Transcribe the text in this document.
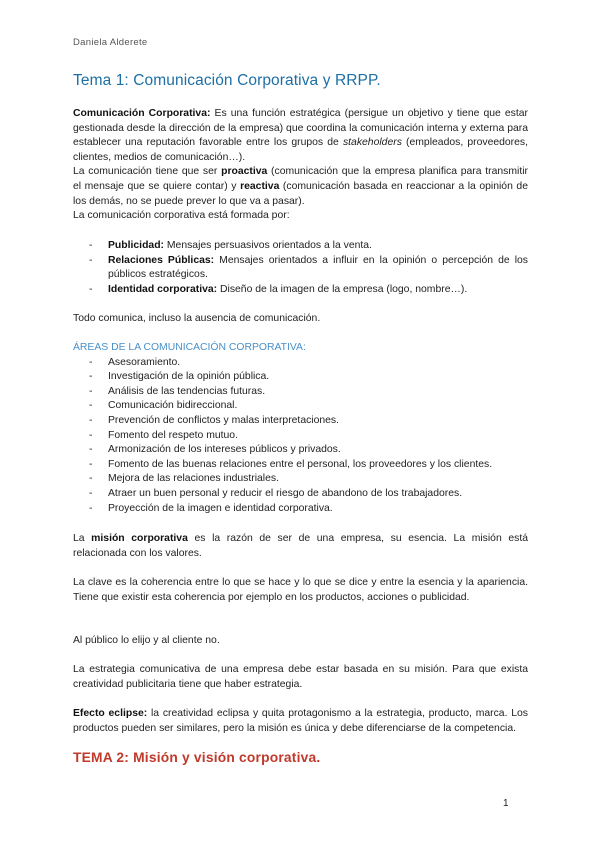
Daniela Alderete
Tema 1: Comunicación Corporativa y RRPP.

Comunicación Corporativa: Es una función estratégica (persigue un objetivo y tiene que estar gestionada desde la dirección de la empresa) que coordina la comunicación interna y externa para establecer una reputación favorable entre los grupos de stakeholders (empleados, proveedores, clientes, medios de comunicación…).

La comunicación tiene que ser proactiva (comunicación que la empresa planifica para transmitir el mensaje que se quiere contar) y reactiva (comunicación basada en reaccionar a la opinión de los demás, no se puede prever lo que va a pasar).

La comunicación corporativa está formada por:

- Publicidad: Mensajes persuasivos orientados a la venta.
- Relaciones Públicas: Mensajes orientados a influir en la opinión o percepción de los públicos estratégicos.
- Identidad corporativa: Diseño de la imagen de la empresa (logo, nombre…).

Todo comunica, incluso la ausencia de comunicación.

ÁREAS DE LA COMUNICACIÓN CORPORATIVA:

- Asesoramiento.
- Investigación de la opinión pública.
- Análisis de las tendencias futuras.
- Comunicación bidireccional.
- Prevención de conflictos y malas interpretaciones.
- Fomento del respeto mutuo.
- Armonización de los intereses públicos y privados.
- Fomento de las buenas relaciones entre el personal, los proveedores y los clientes.
- Mejora de las relaciones industriales.
- Atraer un buen personal y reducir el riesgo de abandono de los trabajadores.
- Proyección de la imagen e identidad corporativa.

La misión corporativa es la razón de ser de una empresa, su esencia. La misión está relacionada con los valores.

La clave es la coherencia entre lo que se hace y lo que se dice y entre la esencia y la apariencia. Tiene que existir esta coherencia por ejemplo en los productos, acciones o publicidad.

Al público lo elijo y al cliente no.

La estrategia comunicativa de una empresa debe estar basada en su misión. Para que exista creatividad publicitaria tiene que haber estrategia.

Efecto eclipse: la creatividad eclipsa y quita protagonismo a la estrategia, producto, marca. Los productos pueden ser similares, pero la misión es única y debe diferenciarse de la competencia.

TEMA 2: Misión y visión corporativa.
1
